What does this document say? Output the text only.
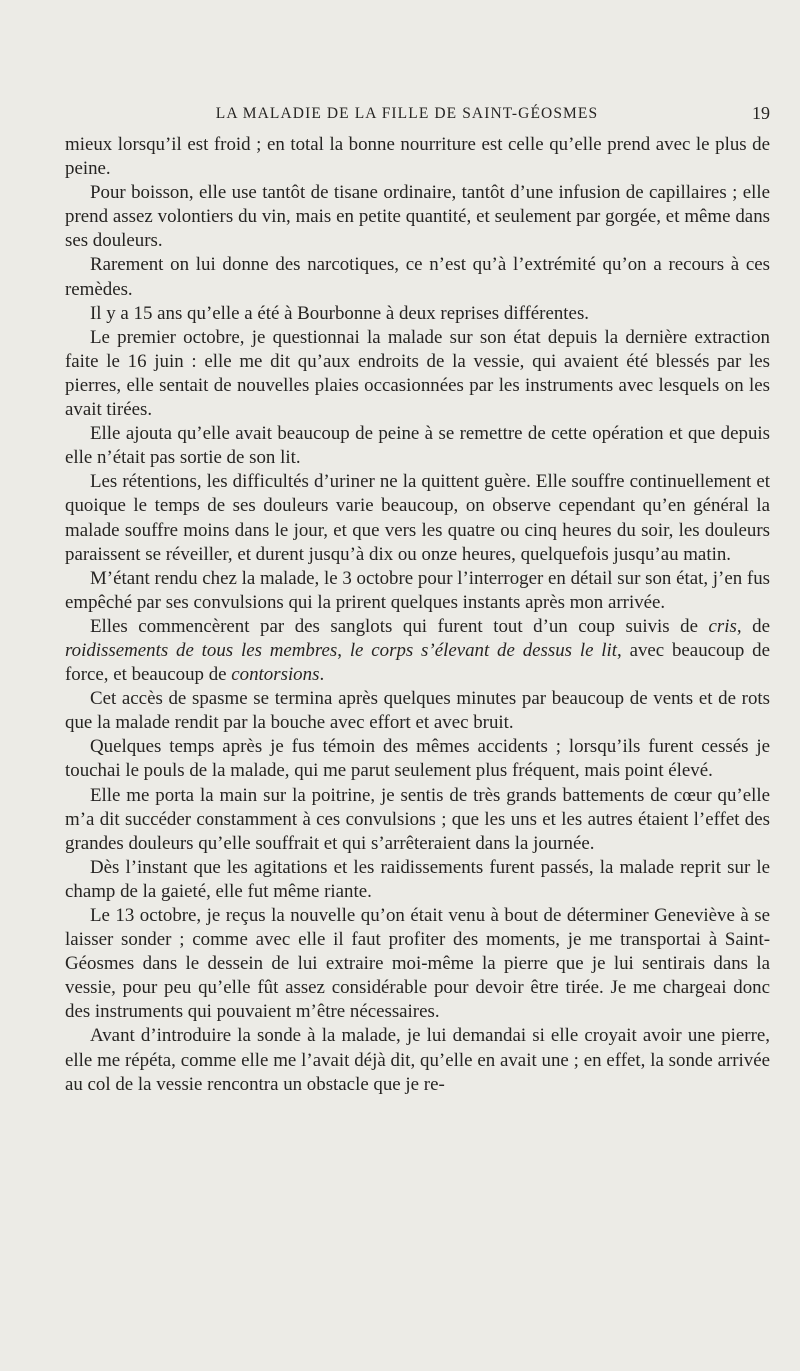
LA MALADIE DE LA FILLE DE SAINT-GÉOSMES	19

mieux lorsqu’il est froid ; en total la bonne nourriture est celle qu’elle prend avec le plus de peine.

Pour boisson, elle use tantôt de tisane ordinaire, tantôt d’une infusion de capillaires ; elle prend assez volontiers du vin, mais en petite quantité, et seulement par gorgée, et même dans ses douleurs.

Rarement on lui donne des narcotiques, ce n’est qu’à l’extrémité qu’on a recours à ces remèdes.

Il y a 15 ans qu’elle a été à Bourbonne à deux reprises différentes.

Le premier octobre, je questionnai la malade sur son état depuis la dernière extraction faite le 16 juin : elle me dit qu’aux endroits de la vessie, qui avaient été blessés par les pierres, elle sentait de nouvelles plaies occasionnées par les instruments avec lesquels on les avait tirées.

Elle ajouta qu’elle avait beaucoup de peine à se remettre de cette opération et que depuis elle n’était pas sortie de son lit.

Les rétentions, les difficultés d’uriner ne la quittent guère. Elle souffre continuellement et quoique le temps de ses douleurs varie beaucoup, on observe cependant qu’en général la malade souffre moins dans le jour, et que vers les quatre ou cinq heures du soir, les douleurs paraissent se réveiller, et durent jusqu’à dix ou onze heures, quelquefois jusqu’au matin.

M’étant rendu chez la malade, le 3 octobre pour l’interroger en détail sur son état, j’en fus empêché par ses convulsions qui la prirent quelques instants après mon arrivée.

Elles commencèrent par des sanglots qui furent tout d’un coup suivis de cris, de roidissements de tous les membres, le corps s’élevant de dessus le lit, avec beaucoup de force, et beaucoup de contorsions.

Cet accès de spasme se termina après quelques minutes par beaucoup de vents et de rots que la malade rendit par la bouche avec effort et avec bruit.

Quelques temps après je fus témoin des mêmes accidents ; lorsqu’ils furent cessés je touchai le pouls de la malade, qui me parut seulement plus fréquent, mais point élevé.

Elle me porta la main sur la poitrine, je sentis de très grands battements de cœur qu’elle m’a dit succéder constamment à ces convulsions ; que les uns et les autres étaient l’effet des grandes douleurs qu’elle souffrait et qui s’arrêteraient dans la journée.

Dès l’instant que les agitations et les raidissements furent passés, la malade reprit sur le champ de la gaieté, elle fut même riante.

Le 13 octobre, je reçus la nouvelle qu’on était venu à bout de déterminer Geneviève à se laisser sonder ; comme avec elle il faut profiter des moments, je me transportai à Saint-Géosmes dans le dessein de lui extraire moi-même la pierre que je lui sentirais dans la vessie, pour peu qu’elle fût assez considérable pour devoir être tirée. Je me chargeai donc des instruments qui pouvaient m’être nécessaires.

Avant d’introduire la sonde à la malade, je lui demandai si elle croyait avoir une pierre, elle me répéta, comme elle me l’avait déjà dit, qu’elle en avait une ; en effet, la sonde arrivée au col de la vessie rencontra un obstacle que je re-
